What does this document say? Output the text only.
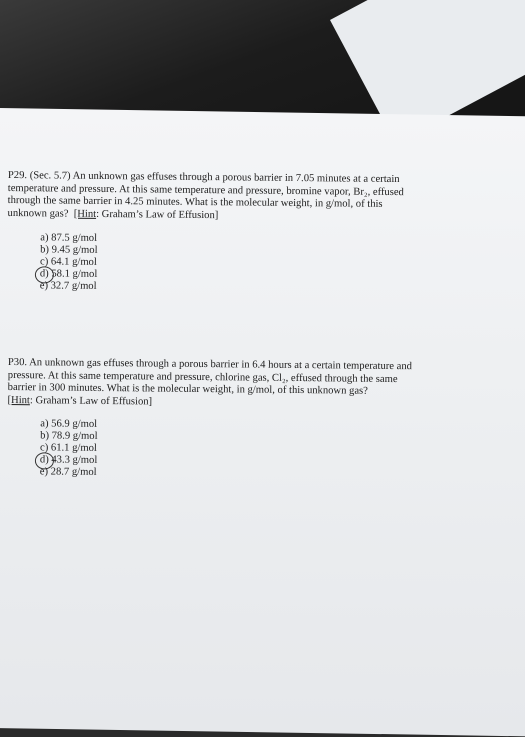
P29. (Sec. 5.7) An unknown gas effuses through a porous barrier in 7.05 minutes at a certain
temperature and pressure. At this same temperature and pressure, bromine vapor, Br₂, effused
through the same barrier in 4.25 minutes. What is the molecular weight, in g/mol, of this
unknown gas? [Hint: Graham’s Law of Effusion]
a) 87.5 g/mol
b) 9.45 g/mol
c) 64.1 g/mol
d) 58.1 g/mol
e) 32.7 g/mol
P30. An unknown gas effuses through a porous barrier in 6.4 hours at a certain temperature and
pressure. At this same temperature and pressure, chlorine gas, Cl₂, effused through the same
barrier in 300 minutes. What is the molecular weight, in g/mol, of this unknown gas?
[Hint: Graham’s Law of Effusion]
a) 56.9 g/mol
b) 78.9 g/mol
c) 61.1 g/mol
d) 43.3 g/mol
e) 28.7 g/mol
